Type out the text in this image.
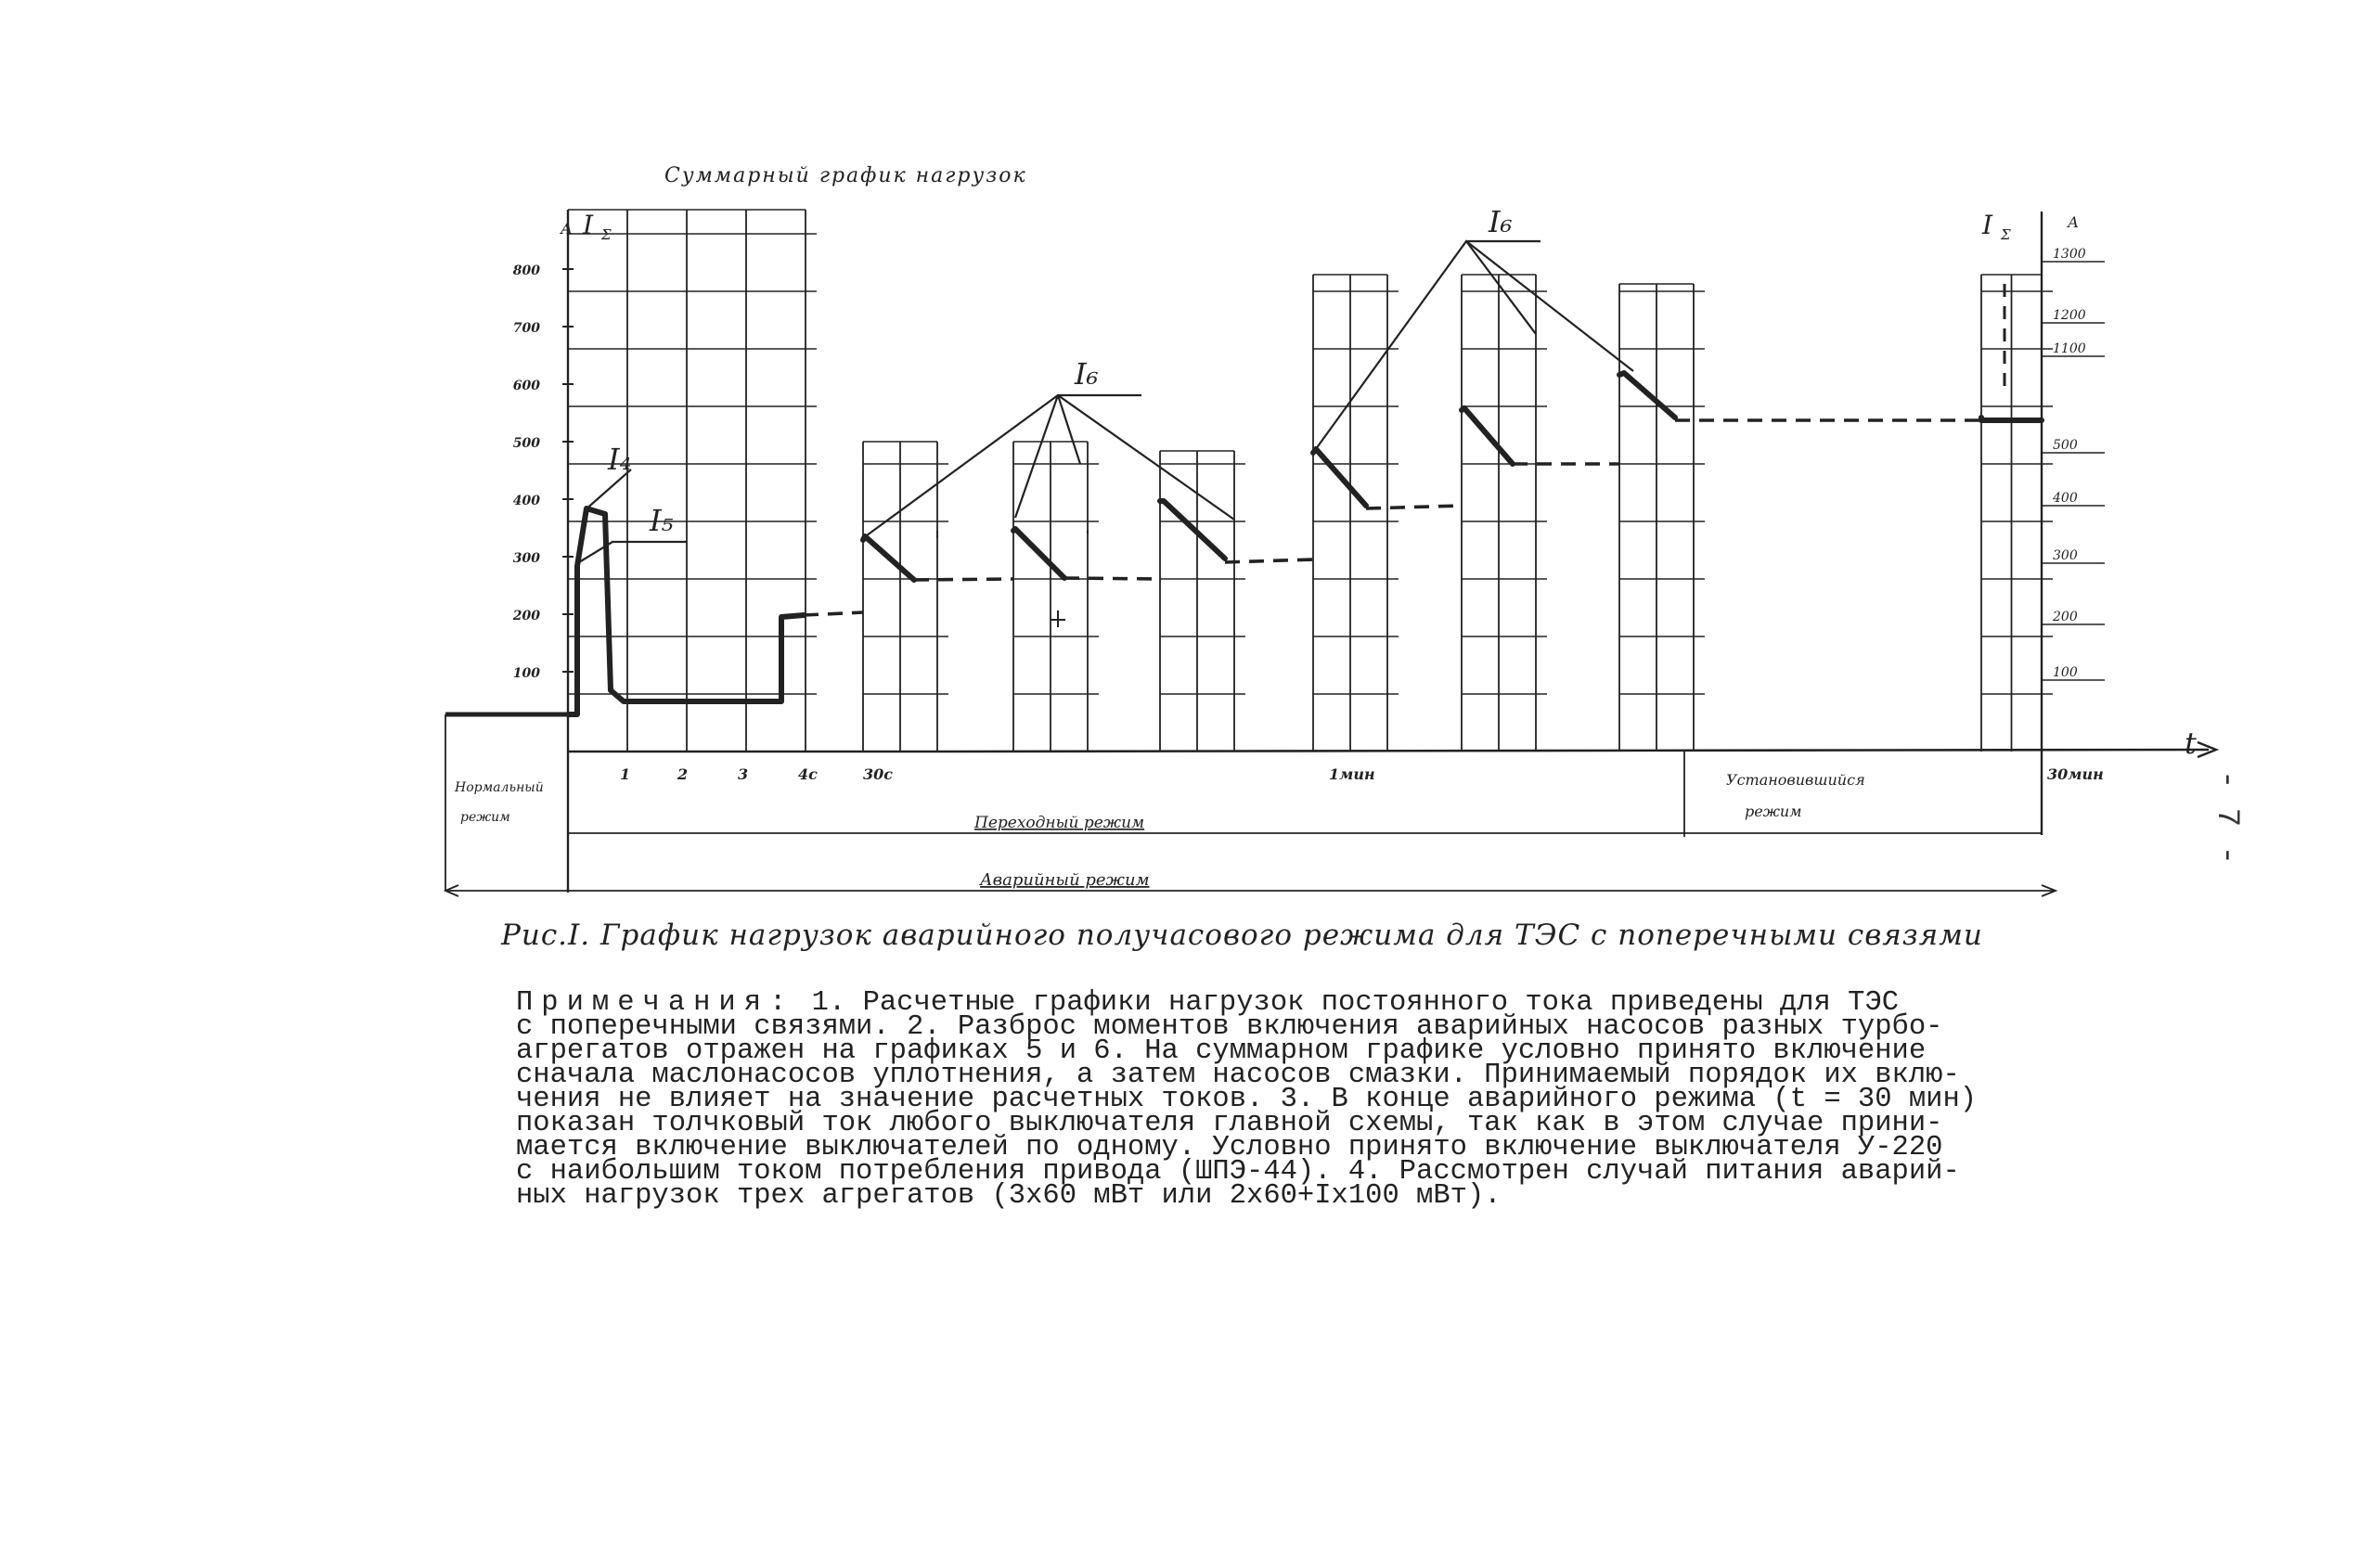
800
700
600
500
400
300
200
100
1300
1200
1100
500
400
300
200
100
А I Σ	I Σ
А
t
Суммарный график нагрузок
1	2	3	4с	30с	1мин	30мин
Нормальный
режим	Переходный режим
Установившийся
режим
Аварийный режим
I₄
I₅
I₆
I₆
Рис.I. График нагрузок аварийного получасового режима для ТЭС с поперечными связями
Примечания: 1. Расчетные графики нагрузок постоянного тока приведены для ТЭС
с поперечными связями. 2. Разброс моментов включения аварийных насосов разных турбо-
агрегатов отражен на графиках 5 и 6. На суммарном графике условно принято включение
сначала маслонасосов уплотнения, а затем насосов смазки. Принимаемый порядок их вклю-
чения не влияет на значение расчетных токов. 3. В конце аварийного режима (t = 30 мин)
показан толчковый ток любого выключателя главной схемы, так как в этом случае прини-
мается включение выключателей по одному. Условно принято включение выключателя У-220
с наибольшим током потребления привода (ШПЭ-44). 4. Рассмотрен случай питания аварий-
ных нагрузок трех агрегатов (3х60 мВт или 2х60+Iх100 мВт).
- 7 -
